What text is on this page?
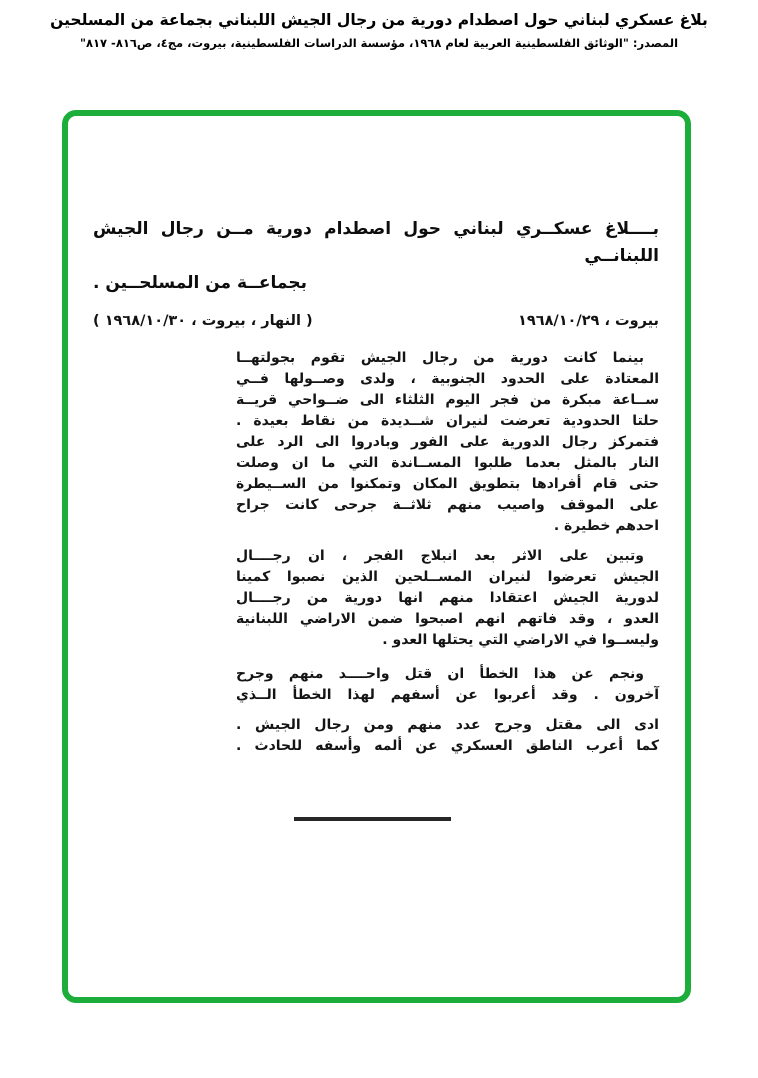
بلاغ عسكري لبناني حول اصطدام دورية من رجال الجيش اللبناني بجماعة من المسلحين
المصدر: "الوثائق الفلسطينية العربية لعام ١٩٦٨، مؤسسة الدراسات الفلسطينية، بيروت، مج٤، ص٨١٦- ٨١٧"
بــــلاغ عسكــري لبناني حول اصطدام دورية مــن رجال الجيش اللبنانــي
بجماعــة من المسلحــين .
بيروت ، ١٩٦٨/١٠/٢٩
( النهار ، بيروت ، ١٩٦٨/١٠/٣٠ )
بينما كانت دورية من رجال الجيش تقوم بجولتهــا
المعتادة على الحدود الجنوبية ، ولدى وصــولها فــي
ســاعة مبكرة من فجر اليوم الثلثاء الى ضــواحي قريــة
حلتا الحدودية تعرضت لنيران شــديدة من نقاط بعيدة .
فتمركز رجال الدورية على الفور وبادروا الى الرد على
النار بالمثل بعدما طلبوا المســاندة التي ما ان وصلت
حتى قام أفرادها بتطويق المكان وتمكنوا من الســيطرة
على الموقف واصيب منهم ثلاثــة جرحى كانت جراح
احدهم خطيرة .
وتبين على الاثر بعد انبلاج الفجر ، ان رجــــال
الجيش تعرضوا لنيران المســلحين الذين نصبوا كمينا
لدورية الجيش اعتقادا منهم انها دورية من رجــــال
العدو ، وقد فاتهم انهم اصبحوا ضمن الاراضي اللبنانية
وليســوا في الاراضي التي يحتلها العدو .
ونجم عن هذا الخطأ ان قتل واحــــد منهم وجرح
آخرون . وقد أعربوا عن أسفهم لهذا الخطأ الــذي
ادى الى مقتل وجرح عدد منهم ومن رجال الجيش .
كما أعرب الناطق العسكري عن ألمه وأسفه للحادث .
